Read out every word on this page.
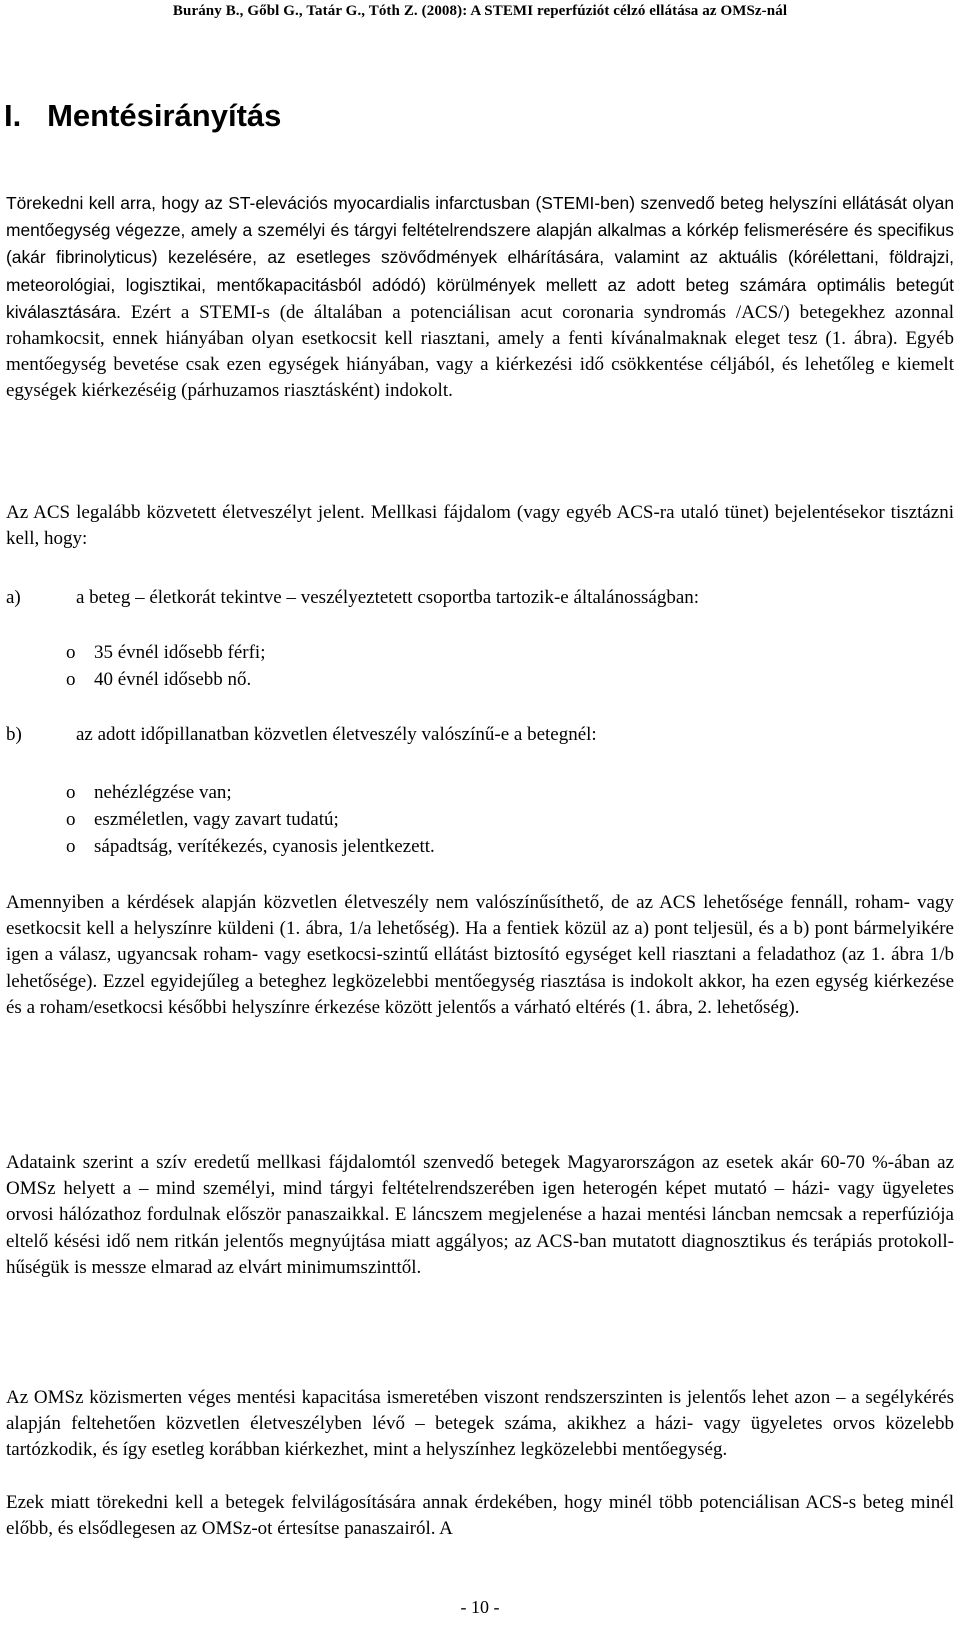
Burány B., Gőbl G., Tatár G., Tóth Z. (2008): A STEMI reperfúziót célzó ellátása az OMSz-nál
I.   Mentésirányítás

Törekedni kell arra, hogy az ST-elevációs myocardialis infarctusban (STEMI-ben) szenvedő beteg helyszíni ellátását olyan mentőegység végezze, amely a személyi és tárgyi feltételrendszere alapján alkalmas a kórkép felismerésére és specifikus (akár fibrinolyticus) kezelésére, az esetleges szövődmények elhárítására, valamint az aktuális (kórélettani, földrajzi, meteorológiai, logisztikai, mentőkapacitásból adódó) körülmények mellett az adott beteg számára optimális betegút kiválasztására. Ezért a STEMI-s (de általában a potenciálisan acut coronaria syndromás /ACS/) betegekhez azonnal rohamkocsit, ennek hiányában olyan esetkocsit kell riasztani, amely a fenti kívánalmaknak eleget tesz (1. ábra). Egyéb mentőegység bevetése csak ezen egységek hiányában, vagy a kiérkezési idő csökkentése céljából, és lehetőleg e kiemelt egységek kiérkezéséig (párhuzamos riasztásként) indokolt.

Az ACS legalább közvetett életveszélyt jelent. Mellkasi fájdalom (vagy egyéb ACS-ra utaló tünet) bejelentésekor tisztázni kell, hogy:

a)	a beteg – életkorát tekintve – veszélyeztetett csoportba tartozik-e általánosságban:
o 35 évnél idősebb férfi;
o 40 évnél idősebb nő.
b)	az adott időpillanatban közvetlen életveszély valószínű-e a betegnél:
o nehézlégzése van;
o eszméletlen, vagy zavart tudatú;
o sápadtság, verítékezés, cyanosis jelentkezett.

Amennyiben a kérdések alapján közvetlen életveszély nem valószínűsíthető, de az ACS lehetősége fennáll, roham- vagy esetkocsit kell a helyszínre küldeni (1. ábra, 1/a lehetőség). Ha a fentiek közül az a) pont teljesül, és a b) pont bármelyikére igen a válasz, ugyancsak roham- vagy esetkocsi-szintű ellátást biztosító egységet kell riasztani a feladathoz (az 1. ábra 1/b lehetősége). Ezzel egyidejűleg a beteghez legközelebbi mentőegység riasztása is indokolt akkor, ha ezen egység kiérkezése és a roham/esetkocsi későbbi helyszínre érkezése között jelentős a várható eltérés (1. ábra, 2. lehetőség).

Adataink szerint a szív eredetű mellkasi fájdalomtól szenvedő betegek Magyarországon az esetek akár 60-70 %-ában az OMSz helyett a – mind személyi, mind tárgyi feltételrendszerében igen heterogén képet mutató – házi- vagy ügyeletes orvosi hálózathoz fordulnak először panaszaikkal. E láncszem megjelenése a hazai mentési láncban nemcsak a reperfúziója eltelő késési idő nem ritkán jelentős megnyújtása miatt aggályos; az ACS-ban mutatott diagnosztikus és terápiás protokoll-hűségük is messze elmarad az elvárt minimumszinttől.

Az OMSz közismerten véges mentési kapacitása ismeretében viszont rendszerszinten is jelentős lehet azon – a segélykérés alapján feltehetően közvetlen életveszélyben lévő – betegek száma, akikhez a házi- vagy ügyeletes orvos közelebb tartózkodik, és így esetleg korábban kiérkezhet, mint a helyszínhez legközelebbi mentőegység.

Ezek miatt törekedni kell a betegek felvilágosítására annak érdekében, hogy minél több potenciálisan ACS-s beteg minél előbb, és elsődlegesen az OMSz-ot értesítse panaszairól. A

- 10 -
